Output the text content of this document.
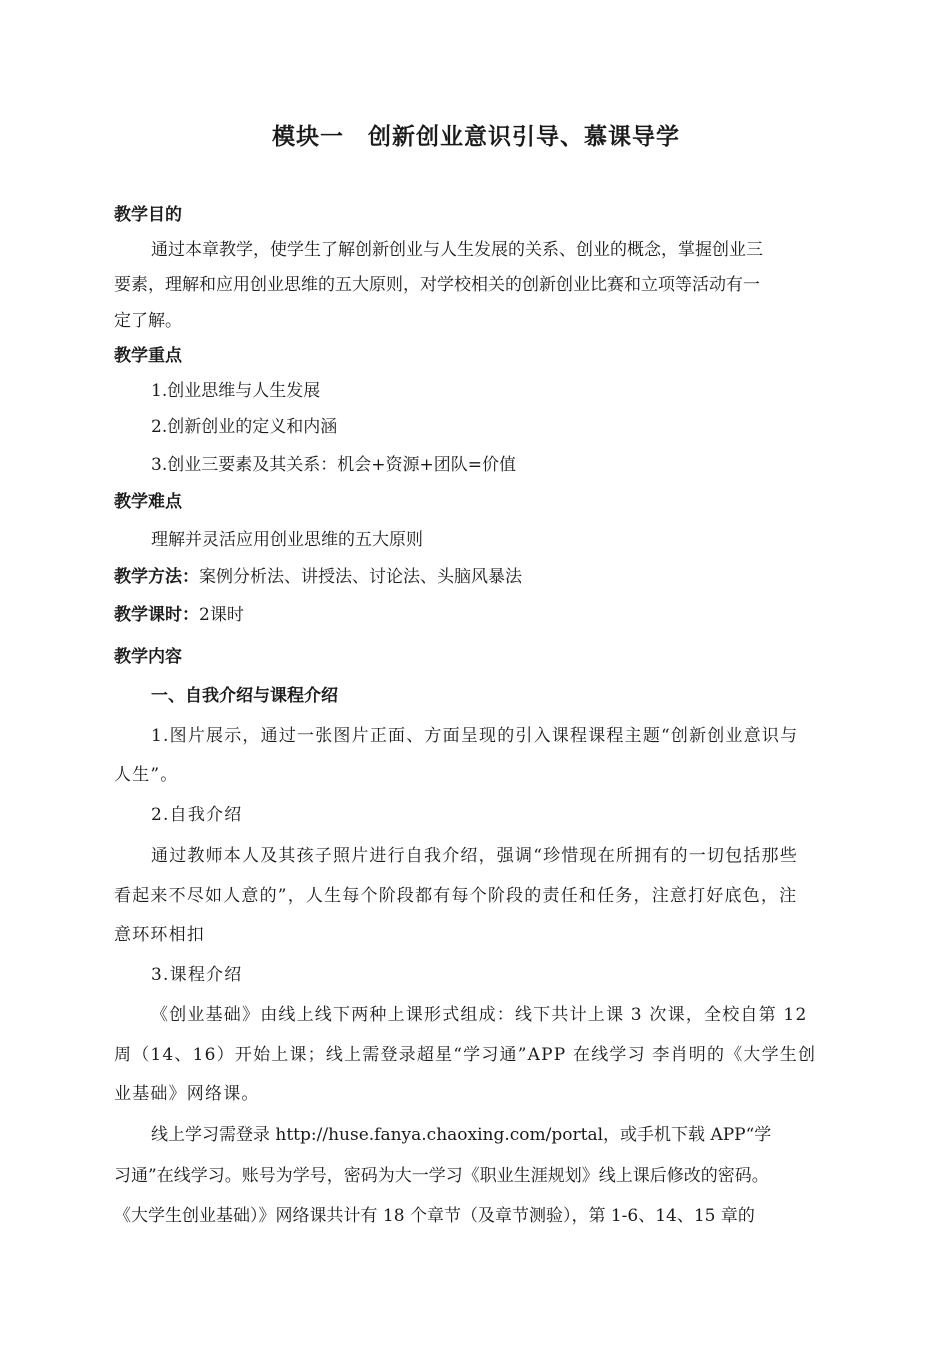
模块一　创新创业意识引导、慕课导学
教学目的
通过本章教学，使学生了解创新创业与人生发展的关系、创业的概念，掌握创业三
要素，理解和应用创业思维的五大原则，对学校相关的创新创业比赛和立项等活动有一
定了解。
教学重点
1.创业思维与人生发展
2.创新创业的定义和内涵
3.创业三要素及其关系：机会+资源+团队=价值
教学难点
理解并灵活应用创业思维的五大原则
教学方法：案例分析法、讲授法、讨论法、头脑风暴法
教学课时：2课时
教学内容
一、自我介绍与课程介绍
1.图片展示，通过一张图片正面、方面呈现的引入课程课程主题“创新创业意识与
人生”。
2.自我介绍
通过教师本人及其孩子照片进行自我介绍，强调“珍惜现在所拥有的一切包括那些
看起来不尽如人意的”，人生每个阶段都有每个阶段的责任和任务，注意打好底色，注
意环环相扣
3.课程介绍
《创业基础》由线上线下两种上课形式组成：线下共计上课 3 次课，全校自第 12
周（14、16）开始上课；线上需登录超星“学习通”APP 在线学习 李肖明的《大学生创
业基础》网络课。
线上学习需登录 http://huse.fanya.chaoxing.com/portal，或手机下载 APP“学
习通”在线学习。账号为学号，密码为大一学习《职业生涯规划》线上课后修改的密码。
《大学生创业基础）》网络课共计有 18 个章节（及章节测验），第 1-6、14、15 章的
